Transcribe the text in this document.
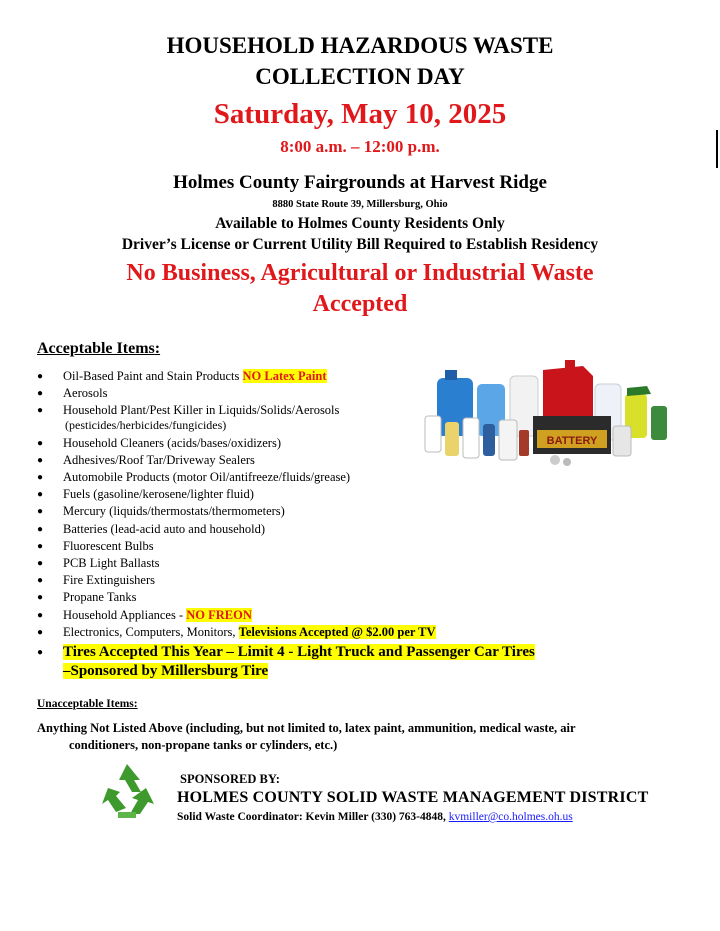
HOUSEHOLD HAZARDOUS WASTE
COLLECTION DAY
Saturday, May 10, 2025
8:00 a.m. – 12:00 p.m.
Holmes County Fairgrounds at Harvest Ridge
8880 State Route 39, Millersburg, Ohio
Available to Holmes County Residents Only
Driver’s License or Current Utility Bill Required to Establish Residency
No Business, Agricultural or Industrial Waste
Accepted
Acceptable Items:
BATTERY
● Oil-Based Paint and Stain Products NO Latex Paint
● Aerosols
● Household Plant/Pest Killer in Liquids/Solids/Aerosols
(pesticides/herbicides/fungicides)
● Household Cleaners (acids/bases/oxidizers)
● Adhesives/Roof Tar/Driveway Sealers
● Automobile Products (motor Oil/antifreeze/fluids/grease)
● Fuels (gasoline/kerosene/lighter fluid)
● Mercury (liquids/thermostats/thermometers)
● Batteries (lead-acid auto and household)
● Fluorescent Bulbs
● PCB Light Ballasts
● Fire Extinguishers
● Propane Tanks
● Household Appliances - NO FREON
● Electronics, Computers, Monitors, Televisions Accepted @ $2.00 per TV
● Tires Accepted This Year – Limit 4 - Light Truck and Passenger Car Tires
–Sponsored by Millersburg Tire
Unacceptable Items:
Anything Not Listed Above (including, but not limited to, latex paint, ammunition, medical waste, air
conditioners, non-propane tanks or cylinders, etc.)
SPONSORED BY:
HOLMES COUNTY SOLID WASTE MANAGEMENT DISTRICT
Solid Waste Coordinator: Kevin Miller (330) 763-4848, kvmiller@co.holmes.oh.us
